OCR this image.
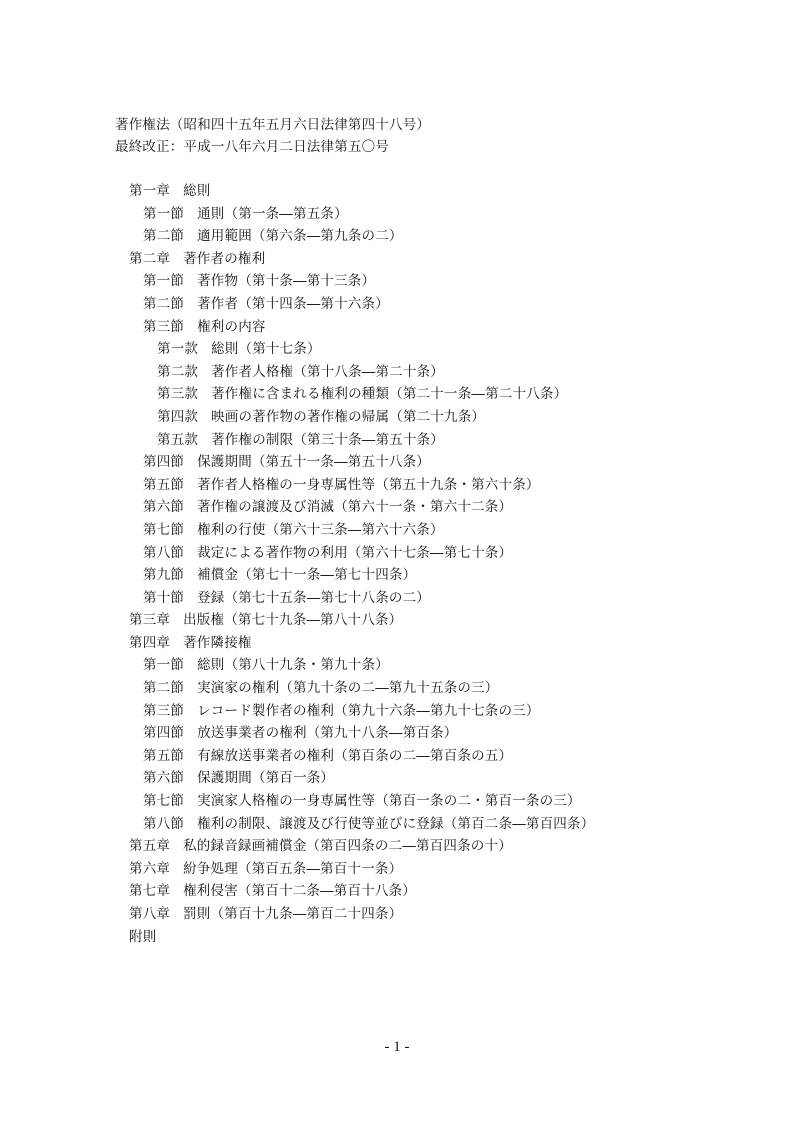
著作権法（昭和四十五年五月六日法律第四十八号）
最終改正：平成一八年六月二日法律第五〇号
第一章 総則
第一節 通則（第一条―第五条）
第二節 適用範囲（第六条―第九条の二）
第二章 著作者の権利
第一節 著作物（第十条―第十三条）
第二節 著作者（第十四条―第十六条）
第三節 権利の内容
第一款 総則（第十七条）
第二款 著作者人格権（第十八条―第二十条）
第三款 著作権に含まれる権利の種類（第二十一条―第二十八条）
第四款 映画の著作物の著作権の帰属（第二十九条）
第五款 著作権の制限（第三十条―第五十条）
第四節 保護期間（第五十一条―第五十八条）
第五節 著作者人格権の一身専属性等（第五十九条・第六十条）
第六節 著作権の譲渡及び消滅（第六十一条・第六十二条）
第七節 権利の行使（第六十三条―第六十六条）
第八節 裁定による著作物の利用（第六十七条―第七十条）
第九節 補償金（第七十一条―第七十四条）
第十節 登録（第七十五条―第七十八条の二）
第三章 出版権（第七十九条―第八十八条）
第四章 著作隣接権
第一節 総則（第八十九条・第九十条）
第二節 実演家の権利（第九十条の二―第九十五条の三）
第三節 レコード製作者の権利（第九十六条―第九十七条の三）
第四節 放送事業者の権利（第九十八条―第百条）
第五節 有線放送事業者の権利（第百条の二―第百条の五）
第六節 保護期間（第百一条）
第七節 実演家人格権の一身専属性等（第百一条の二・第百一条の三）
第八節 権利の制限、譲渡及び行使等並びに登録（第百二条―第百四条）
第五章 私的録音録画補償金（第百四条の二―第百四条の十）
第六章 紛争処理（第百五条―第百十一条）
第七章 権利侵害（第百十二条―第百十八条）
第八章 罰則（第百十九条―第百二十四条）
附則
- 1 -
